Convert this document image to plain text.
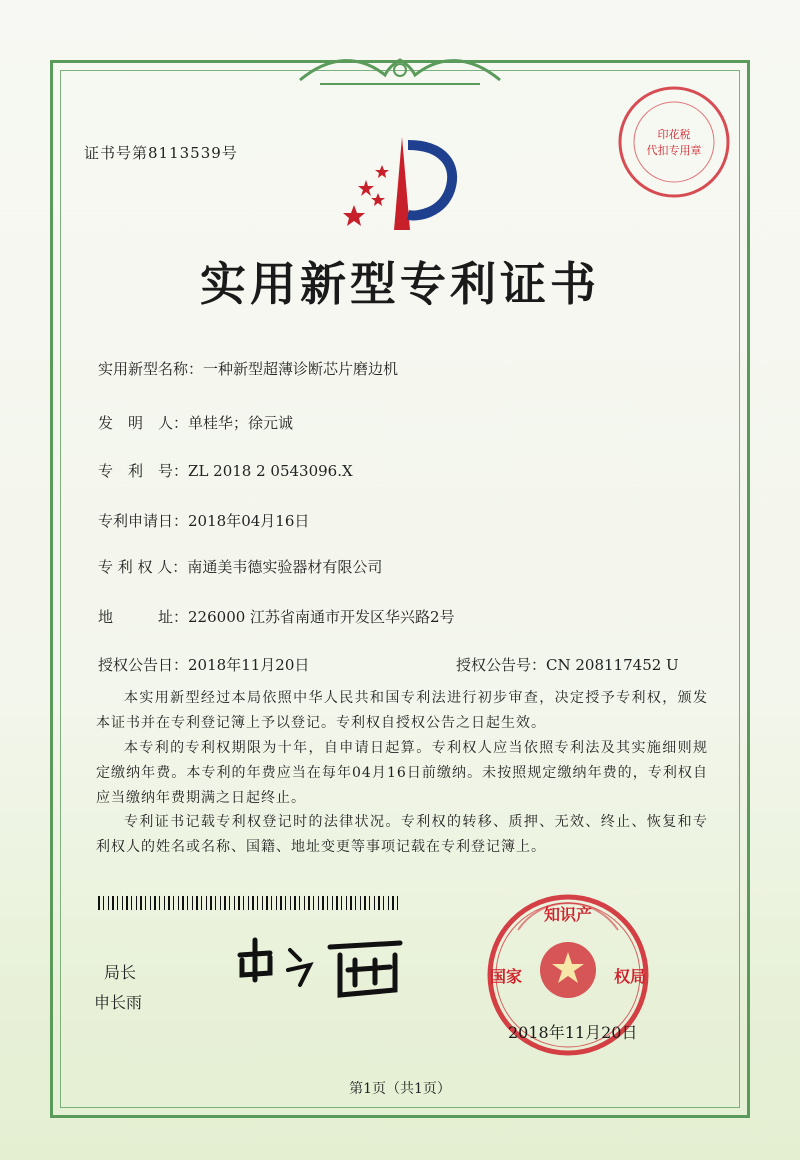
证书号第8113539号
印花税
代扣专用章
实用新型专利证书
实用新型名称：一种新型超薄诊断芯片磨边机
发　明　人：单桂华；徐元诚
专　利　号：ZL 2018 2 0543096.X
专利申请日：2018年04月16日
专 利 权 人：南通美韦德实验器材有限公司
地　　　址：226000 江苏省南通市开发区华兴路2号
授权公告日：2018年11月20日	授权公告号：CN 208117452 U
本实用新型经过本局依照中华人民共和国专利法进行初步审查，决定授予专利权，颁发本证书并在专利登记簿上予以登记。专利权自授权公告之日起生效。
本专利的专利权期限为十年，自申请日起算。专利权人应当依照专利法及其实施细则规定缴纳年费。本专利的年费应当在每年04月16日前缴纳。未按照规定缴纳年费的，专利权自应当缴纳年费期满之日起终止。
专利证书记载专利权登记时的法律状况。专利权的转移、质押、无效、终止、恢复和专利权人的姓名或名称、国籍、地址变更等事项记载在专利登记簿上。
局长
申长雨
知识产
国家	权局
2018年11月20日
第1页（共1页）
